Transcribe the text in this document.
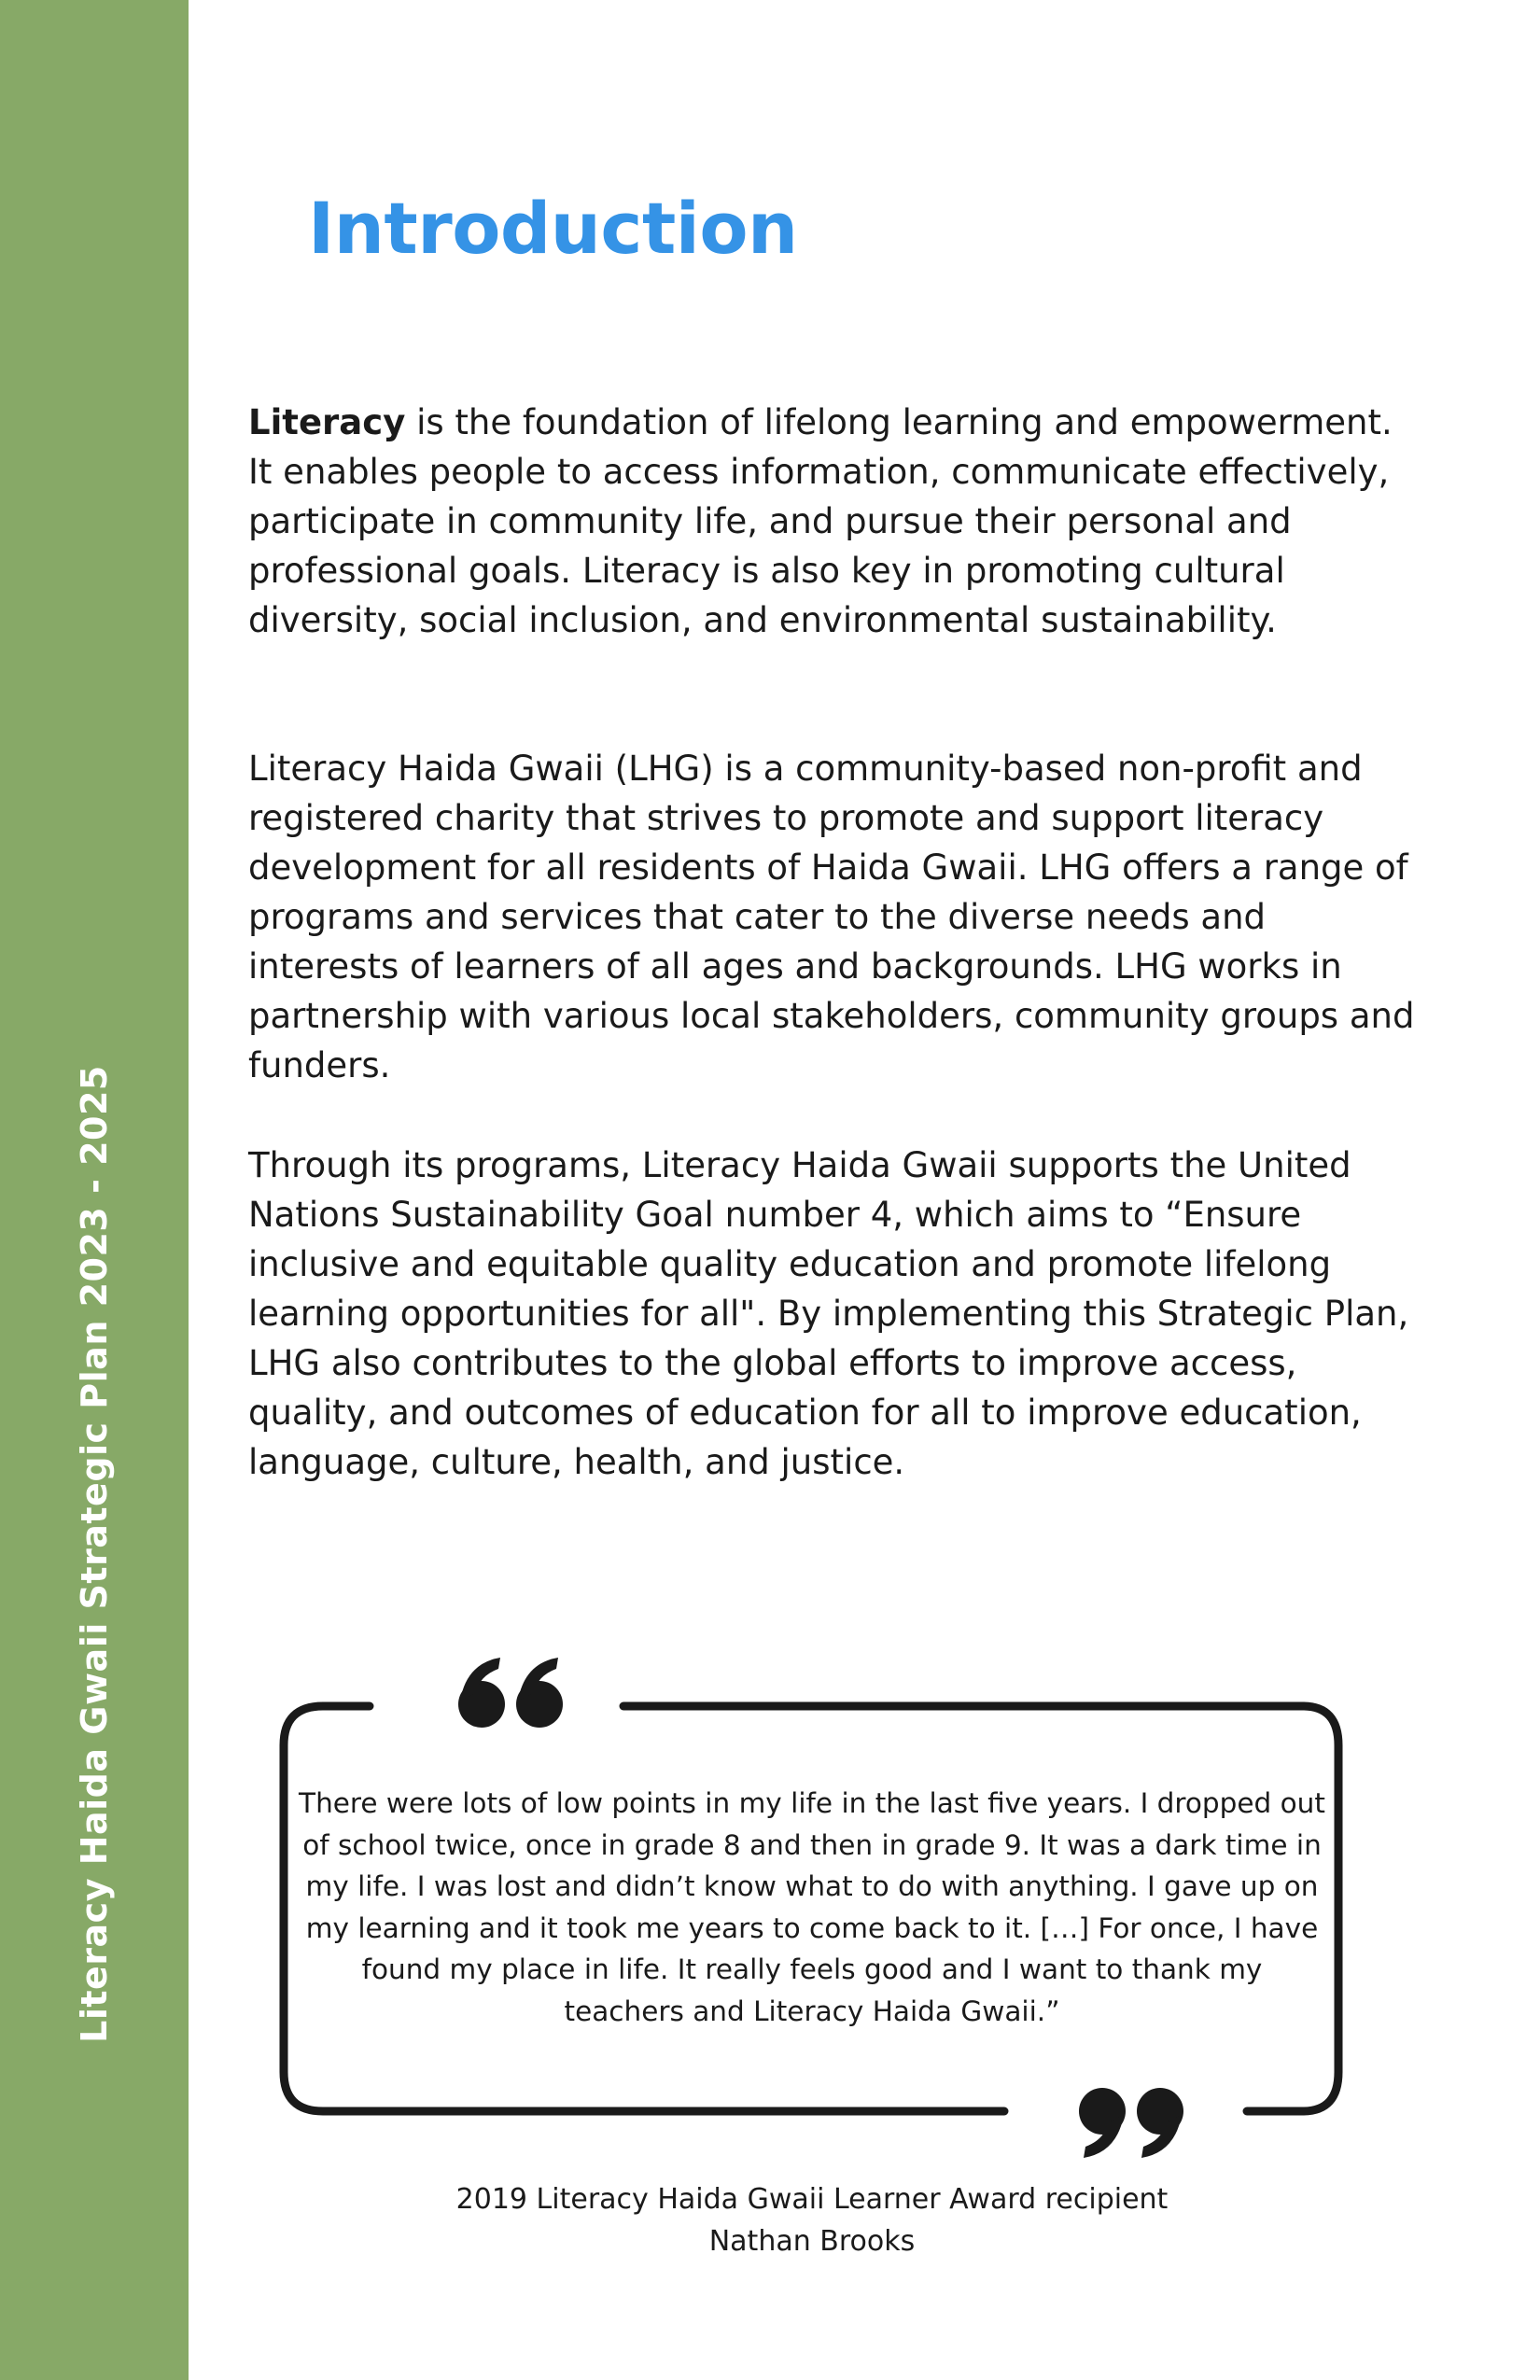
Literacy Haida Gwaii Strategic Plan 2023 - 2025
Introduction

Literacy is the foundation of lifelong learning and empowerment. It enables people to access information, communicate effectively, participate in community life, and pursue their personal and professional goals. Literacy is also key in promoting cultural diversity, social inclusion, and environmental sustainability.

Literacy Haida Gwaii (LHG) is a community-based non-profit and registered charity that strives to promote and support literacy development for all residents of Haida Gwaii. LHG offers a range of programs and services that cater to the diverse needs and interests of learners of all ages and backgrounds. LHG works in partnership with various local stakeholders, community groups and funders.

Through its programs, Literacy Haida Gwaii supports the United Nations Sustainability Goal number 4, which aims to “Ensure inclusive and equitable quality education and promote lifelong learning opportunities for all". By implementing this Strategic Plan, LHG also contributes to the global efforts to improve access, quality, and outcomes of education for all to improve education, language, culture, health, and justice.

There were lots of low points in my life in the last five years. I dropped out of school twice, once in grade 8 and then in grade 9. It was a dark time in my life. I was lost and didn’t know what to do with anything. I gave up on my learning and it took me years to come back to it. […] For once, I have found my place in life. It really feels good and I want to thank my teachers and Literacy Haida Gwaii.”

2019 Literacy Haida Gwaii Learner Award recipient
Nathan Brooks
